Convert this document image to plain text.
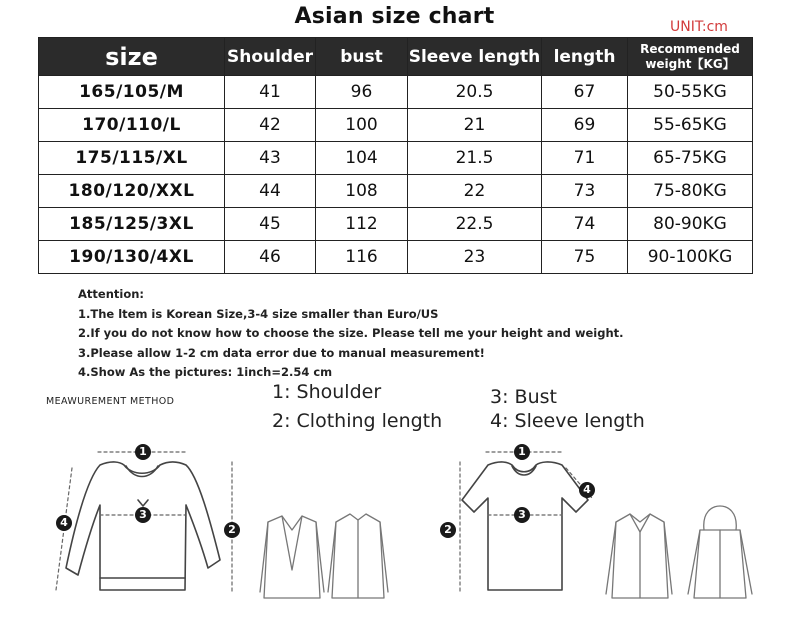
Asian size chart	UNIT:cm
size	Shoulder	bust	Sleeve length	length	Recommended weight【KG】
165/105/M	41	96	20.5	67	50-55KG
170/110/L	42	100	21	69	55-65KG
175/115/XL	43	104	21.5	71	65-75KG
180/120/XXL	44	108	22	73	75-80KG
185/125/3XL	45	112	22.5	74	80-90KG
190/130/4XL	46	116	23	75	90-100KG
Attention:
1.The ltem is Korean Size,3-4 size smaller than Euro/US
2.If you do not know how to choose the size. Please tell me your height and weight.
3.Please allow 1-2 cm data error due to manual measurement!
4.Show As the pictures: 1inch=2.54 cm
MEAWUREMENT METHOD	1: Shoulder
2: Clothing length
3: Bust
4: Sleeve length
1
3
2
4
1
3
2
4
